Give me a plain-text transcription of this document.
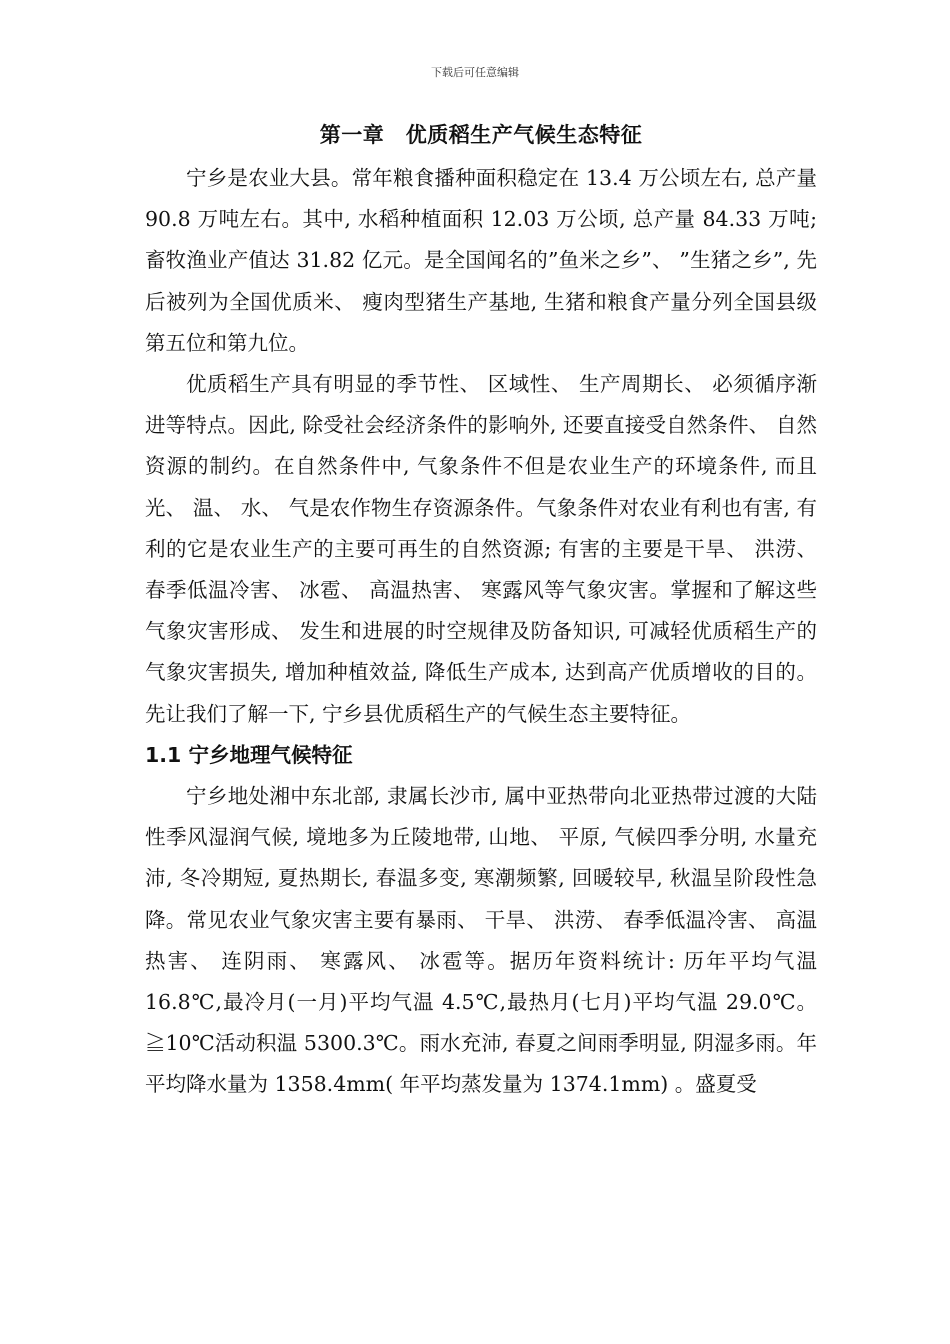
下载后可任意编辑
第一章　优质稻生产气候生态特征

宁乡是农业大县。常年粮食播种面积稳定在 13.4 万公顷左右, 总产量 90.8 万吨左右。其中, 水稻种植面积 12.03 万公顷, 总产量 84.33 万吨; 畜牧渔业产值达 31.82 亿元。是全国闻名的”鱼米之乡”、 ”生猪之乡”, 先后被列为全国优质米、 瘦肉型猪生产基地, 生猪和粮食产量分列全国县级第五位和第九位。

优质稻生产具有明显的季节性、 区域性、 生产周期长、 必须循序渐进等特点。因此, 除受社会经济条件的影响外, 还要直接受自然条件、 自然资源的制约。在自然条件中, 气象条件不但是农业生产的环境条件, 而且光、 温、 水、 气是农作物生存资源条件。气象条件对农业有利也有害, 有利的它是农业生产的主要可再生的自然资源; 有害的主要是干旱、 洪涝、 春季低温冷害、 冰雹、 高温热害、 寒露风等气象灾害。掌握和了解这些气象灾害形成、 发生和进展的时空规律及防备知识, 可减轻优质稻生产的气象灾害损失, 增加种植效益, 降低生产成本, 达到高产优质增收的目的。先让我们了解一下, 宁乡县优质稻生产的气候生态主要特征。

1.1 宁乡地理气候特征

宁乡地处湘中东北部, 隶属长沙市, 属中亚热带向北亚热带过渡的大陆性季风湿润气候, 境地多为丘陵地带, 山地、 平原, 气候四季分明, 水量充沛, 冬冷期短, 夏热期长, 春温多变, 寒潮频繁, 回暖较早, 秋温呈阶段性急降。常见农业气象灾害主要有暴雨、 干旱、 洪涝、 春季低温冷害、 高温热害、 连阴雨、 寒露风、 冰雹等。据历年资料统计: 历年平均气温 16.8℃,最冷月(一月)平均气温 4.5℃,最热月(七月)平均气温 29.0℃。≧10℃活动积温 5300.3℃。雨水充沛, 春夏之间雨季明显, 阴湿多雨。年平均降水量为 1358.4mm( 年平均蒸发量为 1374.1mm) 。盛夏受
